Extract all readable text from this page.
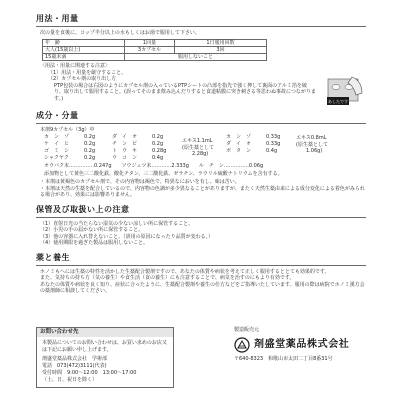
用法・用量
次の量を食後に、コップ半分以上の水もしくはお湯で服用して下さい。
年　齢	1回量	1日服用回数
大人(15歳以上)	3カプセル	3回
15歳未満	服用しないこと	
〈用法・用量に関連する注意〉
（1）用法・用量を厳守すること。
（2）カプセル剤の取り出し方
PTP包装の場合は右図のようにカプセル剤の入っているPTPシートの凸部を指先で強く押して裏面のアルミ箔を破り、取り出して服用すること。(誤ってそのまま飲み込んだりすると食道粘膜に突き刺さる等思わぬ事故につながります。)	あしたです
成分・分量
本剤9カプセル（3g）中
カ　ン　ゾ	0.2g
ケ　イ　ヒ	0.2g
ゴ　ミ　シ	0.2g
シャクヤク	0.2g
ダ　イ　オ	0.2g
チ　ン　ピ	0.2g
ト　ウ　キ	0.28g
ウ　コ　ン	0.4g
エキス1.1mL
(原生薬として
　　2.28g)
カ　ン　ゾ	0.33g
ダ　イ　オ	0.33g
ボ　タ　ン	0.4g
エキス0.8mL
(原生薬として
　　1.06g)
オウバク末……………0.247g　　ソウジュツ末…………2.333g　　ル　チ　ン……………0.06g
添加物として黄色三二酸化鉄、酸化チタン、三二酸化鉄、ゼラチン、ラウリル硫酸ナトリウムを含有する。
・本剤は黄褐色のカプセル剤で、その内容物は褐色で、特異なにおいを有し、味は苦い。
・本剤は天然の生薬を配合しているので、内容物の色調が多少異なることがありますが、またく天然生薬由来による成分変化による着色がみられる場合があり、効果には影響ありません。
保管及び取扱い上の注意
（1）直射日光の当たらない湿気の少ない涼しい所に保管すること。
（2）小児の手の届かない所に保管すること。
（3）他の容器に入れ替えないこと。（誤用の原因になったり品質が変わる。）
（4）使用期限を過ぎた製品は服用しないこと。
薬と養生
ホノミもへには生薬の特性を活かした生薬配合製剤ですので、あなたの体質や病状を考えて正しく服用するととても効果的です。
また、気持ちの持ち方（気の養生）や食生活（食の養生）にも注意することで、病気を治すのにもより有効です。
あなたの体質や病状を良く知り、症状に合ったように、生薬配合製剤や養生の仕方などをご指導いたしています。服用の際は病院でホノミ漢方会の薬剤師に相談してください。
お問い合わせ先
本製品についてのお問い合わせは、お買い求めのお店又は下記にお願い申し上げます。
剤盛堂薬品株式会社　学術部
電話　073(472)3111(代表)
受付時間　9:00～12:00　13:00～17:00
（土、日、祝日を除く）
製造販売元
剤盛堂薬品株式会社
〒640-8323　和歌山市太田二丁目8番31号
